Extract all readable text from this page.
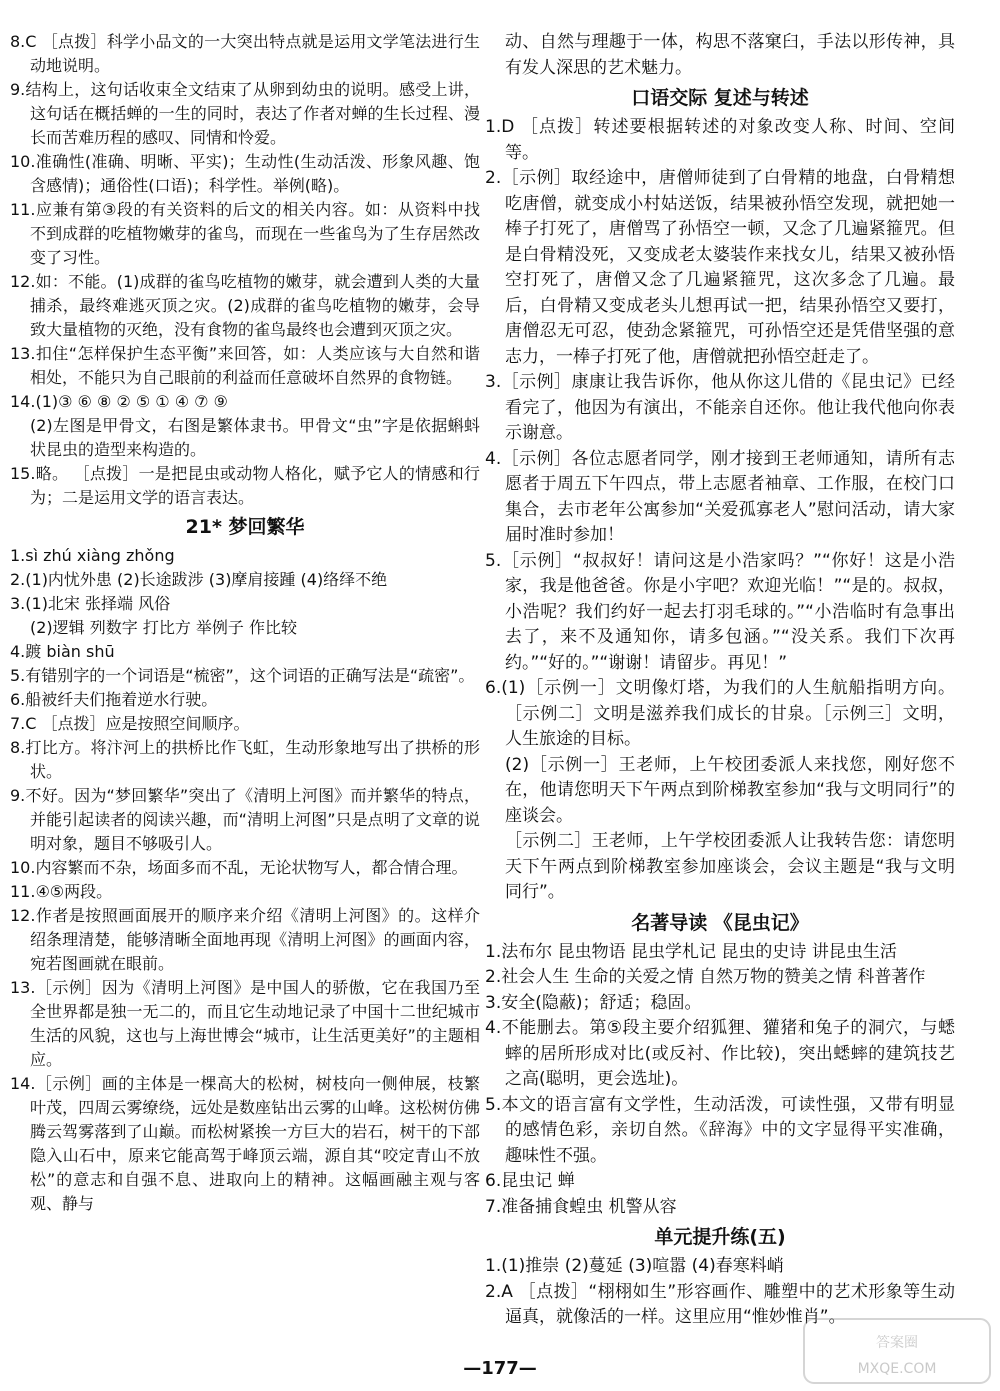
8.C ［点拨］科学小品文的一大突出特点就是运用文学笔法进行生动地说明。
9.结构上，这句话收束全文结束了从卵到幼虫的说明。感受上讲，这句话在概括蝉的一生的同时，表达了作者对蝉的生长过程、漫长而苦难历程的感叹、同情和怜爱。
10.准确性(准确、明晰、平实)；生动性(生动活泼、形象风趣、饱含感情)；通俗性(口语)；科学性。举例(略)。
11.应兼有第③段的有关资料的后文的相关内容。如：从资料中找不到成群的吃植物嫩芽的雀鸟，而现在一些雀鸟为了生存居然改变了习性。
12.如：不能。(1)成群的雀鸟吃植物的嫩芽，就会遭到人类的大量捕杀，最终难逃灭顶之灾。(2)成群的雀鸟吃植物的嫩芽，会导致大量植物的灭绝，没有食物的雀鸟最终也会遭到灭顶之灾。
13.扣住“怎样保护生态平衡”来回答，如：人类应该与大自然和谐相处，不能只为自己眼前的利益而任意破坏自然界的食物链。
14.(1)③ ⑥ ⑧ ② ⑤ ① ④ ⑦ ⑨
(2)左图是甲骨文，右图是繁体隶书。甲骨文“虫”字是依据蝌蚪状昆虫的造型来构造的。
15.略。 ［点拨］一是把昆虫或动物人格化，赋予它人的情感和行为；二是运用文学的语言表达。
21* 梦回繁华
1.sì zhú xiàng zhǒng
2.(1)内忧外患 (2)长途跋涉 (3)摩肩接踵 (4)络绎不绝
3.(1)北宋 张择端 风俗
(2)逻辑 列数字 打比方 举例子 作比较
4.踱 biàn shū
5.有错别字的一个词语是“梳密”，这个词语的正确写法是“疏密”。
6.船被纤夫们拖着逆水行驶。
7.C ［点拨］应是按照空间顺序。
8.打比方。将汴河上的拱桥比作飞虹，生动形象地写出了拱桥的形状。
9.不好。因为“梦回繁华”突出了《清明上河图》而并繁华的特点，并能引起读者的阅读兴趣，而“清明上河图”只是点明了文章的说明对象，题目不够吸引人。
10.内容繁而不杂，场面多而不乱，无论状物写人，都合情合理。
11.④⑤两段。
12.作者是按照画面展开的顺序来介绍《清明上河图》的。这样介绍条理清楚，能够清晰全面地再现《清明上河图》的画面内容，宛若图画就在眼前。
13.［示例］因为《清明上河图》是中国人的骄傲，它在我国乃至全世界都是独一无二的，而且它生动地记录了中国十二世纪城市生活的风貌，这也与上海世博会“城市，让生活更美好”的主题相应。
14.［示例］画的主体是一棵高大的松树，树枝向一侧伸展，枝繁叶茂，四周云雾缭绕，远处是数座钻出云雾的山峰。这松树仿佛腾云驾雾落到了山巅。而松树紧挨一方巨大的岩石，树干的下部隐入山石中，原来它能高驾于峰顶云端，源自其“咬定青山不放松”的意志和自强不息、进取向上的精神。这幅画融主观与客观、静与
动、自然与理趣于一体，构思不落窠臼，手法以形传神，具有发人深思的艺术魅力。
口语交际 复述与转述
1.D ［点拨］转述要根据转述的对象改变人称、时间、空间等。
2.［示例］取经途中，唐僧师徒到了白骨精的地盘，白骨精想吃唐僧，就变成小村姑送饭，结果被孙悟空发现，就把她一棒子打死了，唐僧骂了孙悟空一顿，又念了几遍紧箍咒。但是白骨精没死，又变成老太婆装作来找女儿，结果又被孙悟空打死了，唐僧又念了几遍紧箍咒，这次多念了几遍。最后，白骨精又变成老头儿想再试一把，结果孙悟空又要打，唐僧忍无可忍，使劲念紧箍咒，可孙悟空还是凭借坚强的意志力，一棒子打死了他，唐僧就把孙悟空赶走了。
3.［示例］康康让我告诉你，他从你这儿借的《昆虫记》已经看完了，他因为有演出，不能亲自还你。他让我代他向你表示谢意。
4.［示例］各位志愿者同学，刚才接到王老师通知，请所有志愿者于周五下午四点，带上志愿者袖章、工作服，在校门口集合，去市老年公寓参加“关爱孤寡老人”慰问活动，请大家届时准时参加！
5.［示例］“叔叔好！请问这是小浩家吗？”“你好！这是小浩家，我是他爸爸。你是小宇吧？欢迎光临！”“是的。叔叔，小浩呢？我们约好一起去打羽毛球的。”“小浩临时有急事出去了，来不及通知你，请多包涵。”“没关系。我们下次再约。”“好的。”“谢谢！请留步。再见！”
6.(1)［示例一］文明像灯塔，为我们的人生航船指明方向。［示例二］文明是滋养我们成长的甘泉。［示例三］文明，人生旅途的目标。
(2)［示例一］王老师，上午校团委派人来找您，刚好您不在，他请您明天下午两点到阶梯教室参加“我与文明同行”的座谈会。
［示例二］王老师，上午学校团委派人让我转告您：请您明天下午两点到阶梯教室参加座谈会，会议主题是“我与文明同行”。
名著导读 《昆虫记》
1.法布尔 昆虫物语 昆虫学札记 昆虫的史诗 讲昆虫生活
2.社会人生 生命的关爱之情 自然万物的赞美之情 科普著作
3.安全(隐蔽)；舒适；稳固。
4.不能删去。第⑤段主要介绍狐狸、獾猪和兔子的洞穴，与蟋蟀的居所形成对比(或反衬、作比较)，突出蟋蟀的建筑技艺之高(聪明，更会选址)。
5.本文的语言富有文学性，生动活泼，可读性强，又带有明显的感情色彩，亲切自然。《辞海》中的文字显得平实准确，趣味性不强。
6.昆虫记 蝉
7.准备捕食蝗虫 机警从容
单元提升练(五)
1.(1)推崇 (2)蔓延 (3)喧嚣 (4)春寒料峭
2.A ［点拨］“栩栩如生”形容画作、雕塑中的艺术形象等生动逼真，就像活的一样。这里应用“惟妙惟肖”。
—177—
答案圈
MXQE.COM
